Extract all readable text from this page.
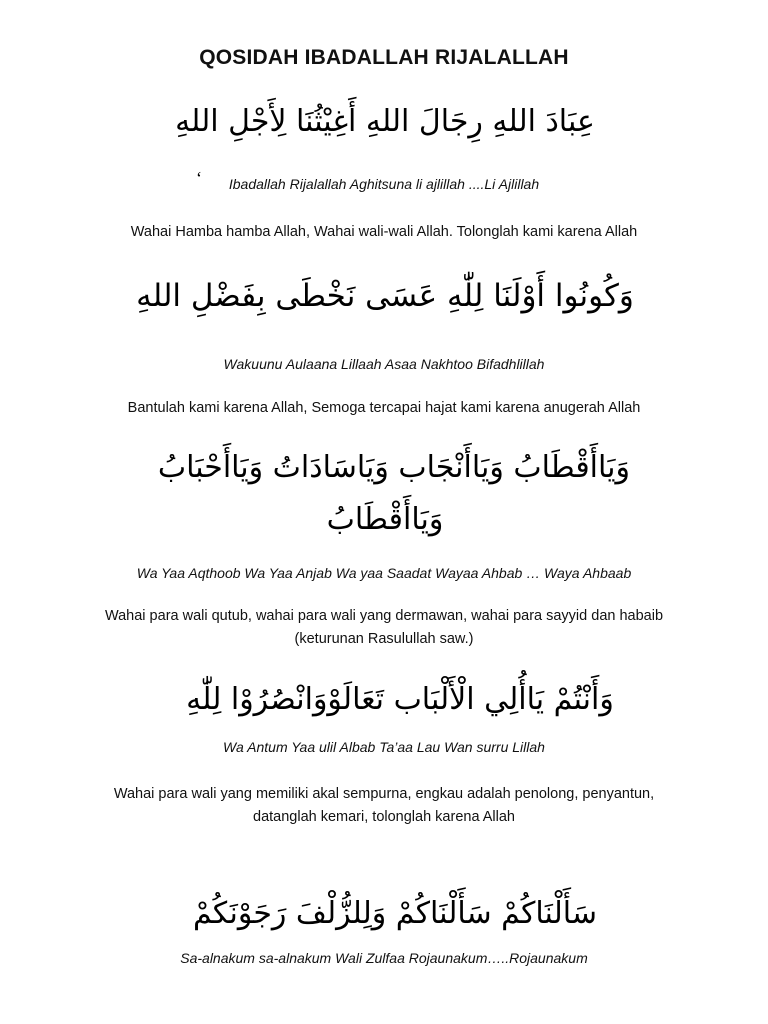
QOSIDAH IBADALLAH RIJALALLAH
عِبَادَ اللهِ رِجَالَ اللهِ أَغِيْثُنَا لِأَجْلِ اللهِ
‘	Ibadallah Rijalallah Aghitsuna li ajlillah ....Li Ajlillah
Wahai Hamba hamba Allah, Wahai wali-wali Allah. Tolonglah kami karena Allah
وَكُونُوا أَوْلَنَا لِلّٰهِ عَسَى نَخْطَى بِفَضْلِ اللهِ
Wakuunu Aulaana Lillaah Asaa Nakhtoo Bifadhlillah
Bantulah kami karena Allah, Semoga tercapai hajat kami karena anugerah Allah
وَيَاأَقْطَابُ وَيَاأَنْجَاب وَيَاسَادَاتُ وَيَاأَحْبَابُ
وَيَاأَقْطَابُ
Wa Yaa Aqthoob Wa Yaa Anjab Wa yaa Saadat Wayaa Ahbab … Waya Ahbaab
Wahai para wali qutub, wahai para wali yang dermawan, wahai para sayyid dan habaib (keturunan Rasulullah saw.)
وَأَنْتُمْ يَاأُلِي الْأَلْبَاب تَعَالَوْوَانْصُرُوْا لِلّٰهِ
Wa Antum Yaa ulil Albab Ta’aa Lau Wan surru Lillah
Wahai para wali yang memiliki akal sempurna, engkau adalah penolong, penyantun, datanglah kemari, tolonglah karena Allah
سَأَلْنَاكُمْ سَأَلْنَاكُمْ وَلِلزُّلْفَ رَجَوْنَكُمْ
Sa-alnakum sa-alnakum Wali Zulfaa Rojaunakum…..Rojaunakum
